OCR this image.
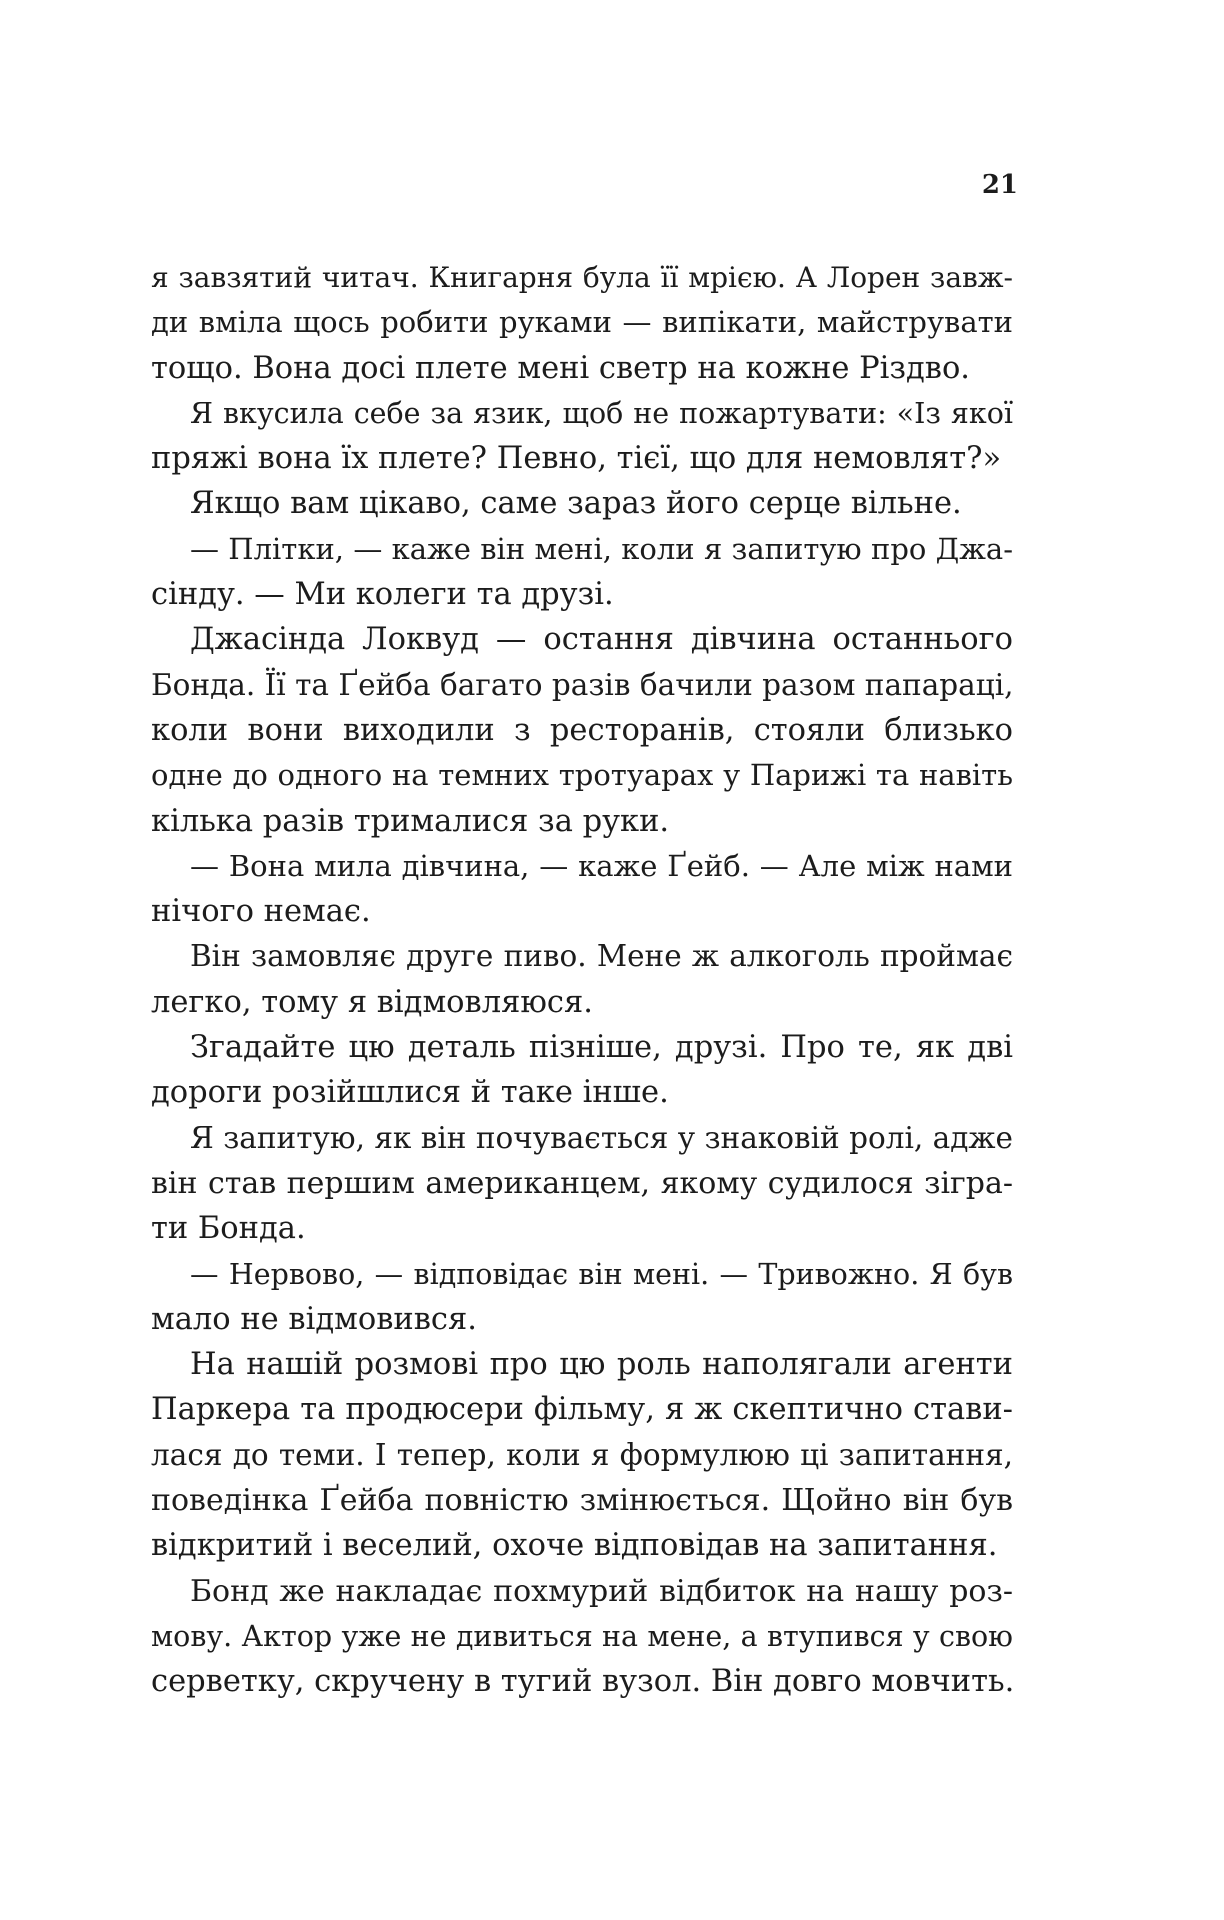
21
я завзятий читач. Книгарня була її мрією. А Лорен завж-
ди вміла щось робити руками — випікати, майструвати
тощо. Вона досі плете мені светр на кожне Різдво.
Я вкусила себе за язик, щоб не пожартувати: «Із якої
пряжі вона їх плете? Певно, тієї, що для немовлят?»
Якщо вам цікаво, саме зараз його серце вільне.
— Плітки, — каже він мені, коли я запитую про Джа-
сінду. — Ми колеги та друзі.
Джасінда Локвуд — остання дівчина останнього
Бонда. Її та Ґейба багато разів бачили разом папараці,
коли вони виходили з ресторанів, стояли близько
одне до одного на темних тротуарах у Парижі та навіть
кілька разів трималися за руки.
— Вона мила дівчина, — каже Ґейб. — Але між нами
нічого немає.
Він замовляє друге пиво. Мене ж алкоголь проймає
легко, тому я відмовляюся.
Згадайте цю деталь пізніше, друзі. Про те, як дві
дороги розійшлися й таке інше.
Я запитую, як він почувається у знаковій ролі, адже
він став першим американцем, якому судилося зігра-
ти Бонда.
— Нервово, — відповідає він мені. — Тривожно. Я був
мало не відмовився.
На нашій розмові про цю роль наполягали агенти
Паркера та продюсери фільму, я ж скептично стави-
лася до теми. І тепер, коли я формулюю ці запитання,
поведінка Ґейба повністю змінюється. Щойно він був
відкритий і веселий, охоче відповідав на запитання.
Бонд же накладає похмурий відбиток на нашу роз-
мову. Актор уже не дивиться на мене, а втупився у свою
серветку, скручену в тугий вузол. Він довго мовчить.
